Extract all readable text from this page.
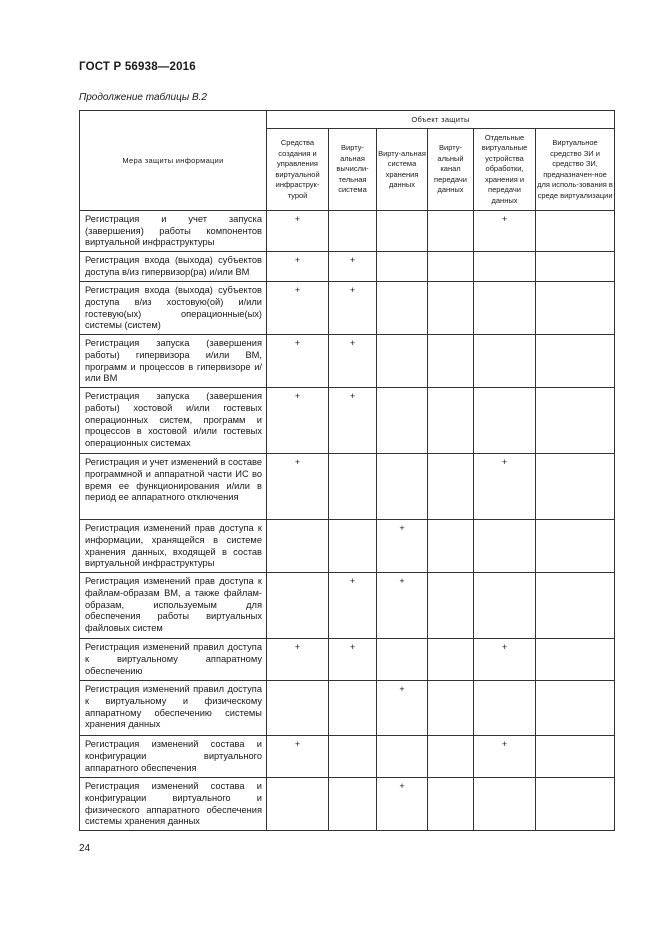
ГОСТ Р 56938—2016
Продолжение таблицы В.2
Мера защиты информации	Объект защиты					
	Средства создания и управления виртуальной инфраструк-турой	Вирту-альная вычисли-тельная система	Вирту-альная система хранения данных	Вирту-альный канал передачи данных	Отдельные виртуальные устройства обработки, хранения и передачи данных	Виртуальное средство ЗИ и средство ЗИ, предназначен-ное для исполь-зования в среде виртуализации
Регистрация и учет запуска (завершения) работы компонентов виртуальной инфраструктуры	+				+	
Регистрация входа (выхода) субъектов доступа в/из гипервизор(ра) и/или ВМ	+	+				
Регистрация входа (выхода) субъектов доступа в/из хостовую(ой) и/или гостевую(ых) операционные(ых) системы (систем)	+	+				
Регистрация запуска (завершения работы) гипервизора и/или ВМ, программ и процессов в гипервизоре и/или ВМ	+	+				
Регистрация запуска (завершения работы) хостовой и/или гостевых операционных систем, программ и процессов в хостовой и/или гостевых операционных системах	+	+				
Регистрация и учет изменений в составе программной и аппаратной части ИС во время ее функционирования и/или в период ее аппаратного отключения	+				+	
Регистрация изменений прав доступа к информации, хранящейся в системе хранения данных, входящей в состав виртуальной инфраструктуры			+			
Регистрация изменений прав доступа к файлам-образам ВМ, а также файлам-образам, используемым для обеспечения работы виртуальных файловых систем		+	+			
Регистрация изменений правил доступа к виртуальному аппаратному обеспечению	+	+			+	
Регистрация изменений правил доступа к виртуальному и физическому аппаратному обеспечению системы хранения данных			+			
Регистрация изменений состава и конфигурации виртуального аппаратного обеспечения	+				+	
Регистрация изменений состава и конфигурации виртуального и физического аппаратного обеспечения системы хранения данных			+			
24
